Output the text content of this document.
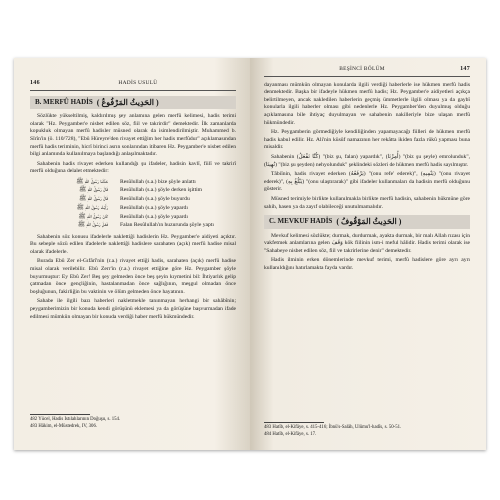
146	HADİS USULÜ
B. MERFÛ HADİS ( الحَدِيثُ المَرْفُوعُ )

Sözlükte yükseltilmiş, kaldırılmış şey anlamına gelen merfû kelimesi, hadis terimi olarak "Hz. Peygamber'e nisbet edilen söz, fiil ve takrirdir" demektedir. İlk zamanlarda kopukluk olmayan merfû hadisler müsned olarak da isimlendirilmiştir. Muhammed b. Sîrîn'in (ö. 110/728), "Ebû Hüreyre'den rivayet ettiğim her hadis merfûdur" açıklamasından merfû hadis teriminin, hicrî birinci asrın sonlarından itibaren Hz. Peygamber'e nisbet edilen bilgi anlamında kullanılmaya başlandığı anlaşılmaktadır.

Sahabenin hadis rivayet ederken kullandığı şu ifadeler, hadisin kavlî, fiilî ve takrirî merfû olduğuna delalet etmektedir:

حَدَّثَنَا رَسُولُ اللهِ ﷺ	Resûlullah (s.a.) bize şöyle anlattı
قَالَ رَسُولُ اللهِ ﷺ	Resûlullah (s.a.) şöyle derken işittim
قَالَ رَسُولُ اللهِ ﷺ	Resûlullah (s.a.) şöyle buyurdu
رَأَيْتُ رَسُولَ اللهِ ﷺ	Resûlullah (s.a.) şöyle yapardı
كَانَ رَسُولُ اللهِ ﷺ	Resûlullah (s.a.) şöyle yapardı
فَعَلَ رَسُولُ اللهِ ﷺ	Falan Resûlullah'ın huzurunda şöyle yaptı

Sahabenin söz konusu ifadelerle naklettiği hadislerin Hz. Peygamber'e aidiyeti açıktır. Bu sebeple sözü edilen ifadelerle naklettiği hadislere sarahaten (açık) merfû hadise misal olarak ifadelerle.

Burada Ebû Zer el-Gıfârî'nin (r.a.) rivayet ettiği hadis, sarahaten (açık) merfû hadise misal olarak verilebilir. Ebû Zerr'in (r.a.) rivayet ettiğine göre Hz. Peygamber şöyle buyurmuştur: Ey Ebû Zer! Beş şey gelmeden önce beş şeyin kıymetini bil: İhtiyarlık gelip çatmadan önce gençliğinin, hastalanmadan önce sağlığının, meşgul olmadan önce boşluğunun, fakirliğin bu vaktinin ve ölüm gelmeden önce hayatının.

Sahabe ile ilgili bazı haberleri nakletmekle tanınmayan herhangi bir sahâbînin; peygamberimizin bir konuda kendi görüşünü eklemesi ya da görüşüne başvurmadan ifade edilmesi mümkün olmayan bir konuda verdiği haber merfû hükmündedir.

482 Yücel, Hadis Istılahlarının Doğuşu, s. 154.
483 Hâkim, el-Müstedrek, IV, 306.
BEŞİNCİ BÖLÜM	147

dayanması mümkün olmayan konularda ilgili verdiği haberlerle ise hükmen merfû hadis denmektedir. Başka bir ifadeyle hükmen merfû hadis; Hz. Peygamber'e aidiyetleri açıkça belirtilmeyen, ancak nakledilen haberlerin geçmiş ümmetlerle ilgili olması ya da gaybî konularla ilgili haberler olması gibi nedenlerle Hz. Peygamber'den duyulmuş olduğu açıklamasına bile ihtiyaç duyulmayan ve sahabenin nakilleriyle bize ulaşan merfû hükmündedir.

Hz. Peygamberin görmediğiyle kendiliğinden yapamayacağı fiilleri de hükmen merfû hadis kabul edilir. Hz. Ali'nin küsûf namazının her rekâtta ikiden fazla rükû yapması buna misaldir.

Sahabenin (كُنَّا نَفْعَلُ) "(biz şu, falan) yapardık", (أُمِرْنَا) "(biz şu şeyle) emrolunduk", (نُهِينَا) "(biz şu şeyden) nehyolunduk" şeklindeki sözleri de hükmen merfû hadis sayılmıştır.

Tâbiînin, hadis rivayet ederken (يَرْفَعُهُ) "(onu refe' ederek)", (يَنْمِيهِ) "(onu rivayet ederek)", (يَبْلُغُ بِهِ) "(onu ulaştırarak)" gibi ifadeler kullanmaları da hadisin merfû olduğunu gösterir.

Müsned terimiyle birlikte kullanılmakla birlikte merfû hadisin, sahabenin hükmüne göre sahih, hasen ya da zayıf olabileceği unutulmamalıdır.

C. MEVKUF HADİS ( الحَدِيثُ المَوْقُوفُ )

Mevkuf kelimesi sözlükte; durmak, durdurmak, ayakta durmak, bir malı Allah rızası için vakfetmek anlamlarına gelen وَقَفَ kök fiilinin ism-i meful hâlidir. Hadis terimi olarak ise "Sahabeye nisbet edilen söz, fiil ve takrirlerine denir" demektedir.

Hadis ilminin erken dönemlerinde mevkuf terimi, merfû hadislere göre ayrı ayrı kullanıldığını hatırlamakta fayda vardır.

483 Hatîb, el-Kifâye, s. 415-416; İbnü's-Salâh, Ulûmu'l-hadîs, s. 50-51.
484 Hatîb, el-Kifâye, s. 17.
